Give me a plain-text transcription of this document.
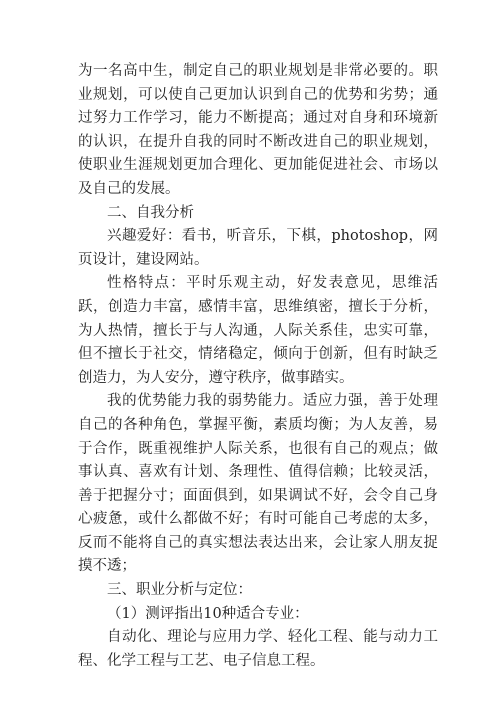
为一名高中生，制定自己的职业规划是非常必要的。职业规划，可以使自己更加认识到自己的优势和劣势；通过努力工作学习，能力不断提高；通过对自身和环境新的认识，在提升自我的同时不断改进自己的职业规划，使职业生涯规划更加合理化、更加能促进社会、市场以及自己的发展。

二、自我分析

兴趣爱好：看书，听音乐，下棋，photoshop，网页设计，建设网站。

性格特点：平时乐观主动，好发表意见，思维活跃，创造力丰富，感情丰富，思维缜密，擅长于分析，为人热情，擅长于与人沟通，人际关系佳，忠实可靠，但不擅长于社交，情绪稳定，倾向于创新，但有时缺乏创造力，为人安分，遵守秩序，做事踏实。

我的优势能力我的弱势能力。适应力强，善于处理自己的各种角色，掌握平衡，素质均衡；为人友善，易于合作，既重视维护人际关系，也很有自己的观点；做事认真、喜欢有计划、条理性、值得信赖；比较灵活，善于把握分寸；面面俱到，如果调试不好，会令自己身心疲惫，或什么都做不好；有时可能自己考虑的太多，反而不能将自己的真实想法表达出来，会让家人朋友捉摸不透；

三、职业分析与定位：

（1）测评指出10种适合专业：

自动化、理论与应用力学、轻化工程、能与动力工程、化学工程与工艺、电子信息工程。
